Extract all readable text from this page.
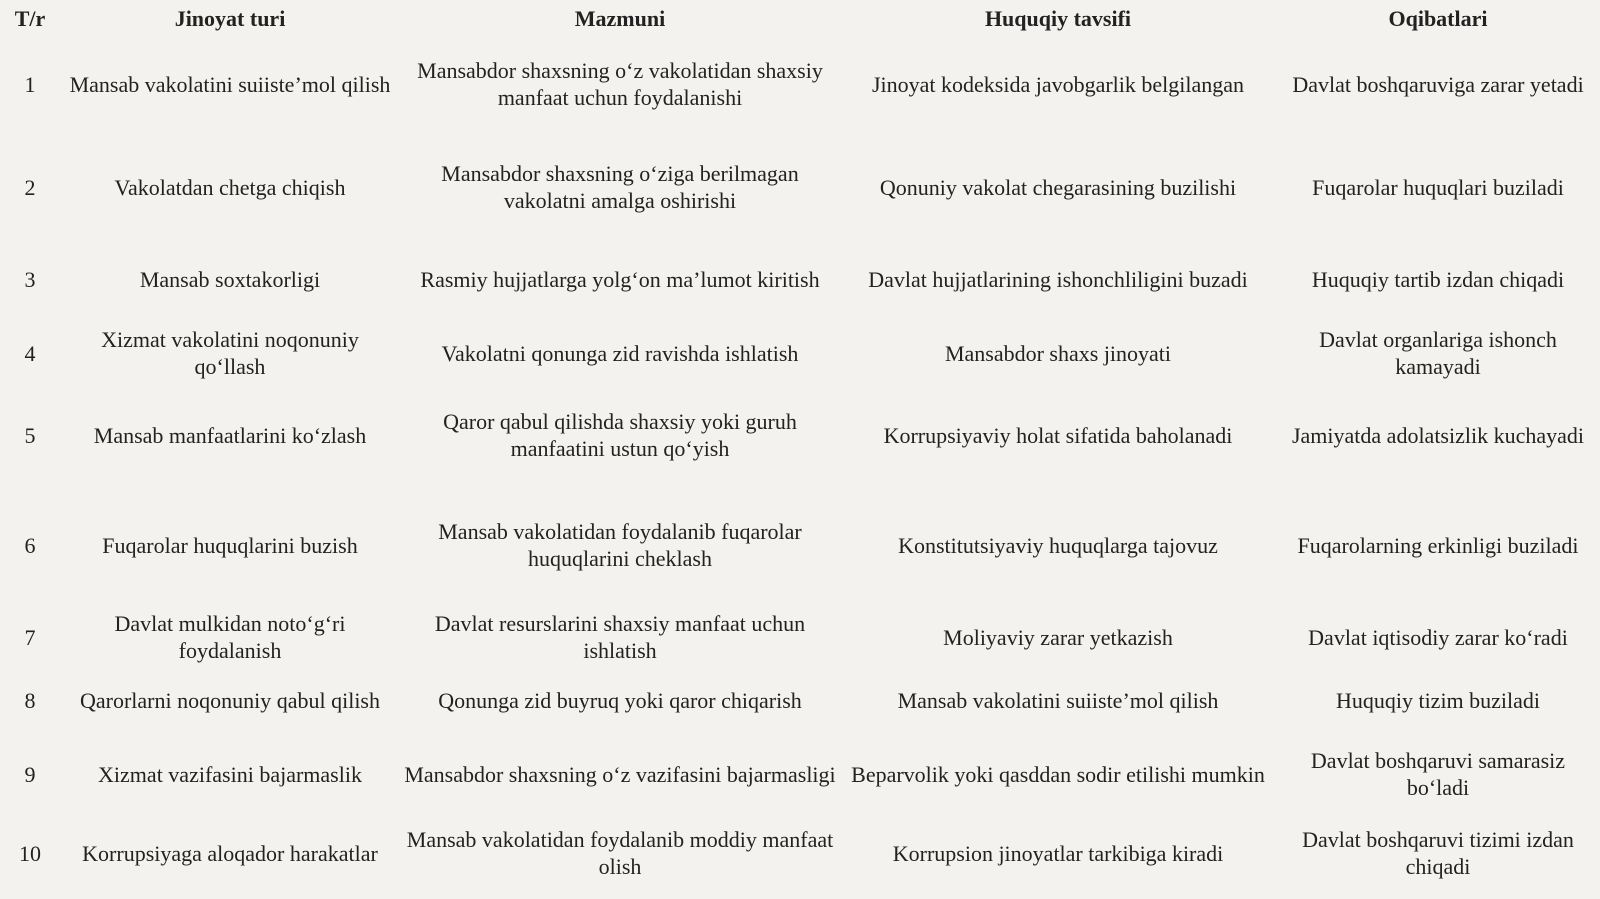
T/r	Jinoyat turi	Mazmuni	Huquqiy tavsifi	Oqibatlari
1	Mansab vakolatini suiiste’mol qilish	Mansabdor shaxsning o‘z vakolatidan shaxsiy manfaat uchun foydalanishi	Jinoyat kodeksida javobgarlik belgilangan	Davlat boshqaruviga zarar yetadi
2	Vakolatdan chetga chiqish	Mansabdor shaxsning o‘ziga berilmagan vakolatni amalga oshirishi	Qonuniy vakolat chegarasining buzilishi	Fuqarolar huquqlari buziladi
3	Mansab soxtakorligi	Rasmiy hujjatlarga yolg‘on ma’lumot kiritish	Davlat hujjatlarining ishonchliligini buzadi	Huquqiy tartib izdan chiqadi
4	Xizmat vakolatini noqonuniy qo‘llash	Vakolatni qonunga zid ravishda ishlatish	Mansabdor shaxs jinoyati	Davlat organlariga ishonch kamayadi
5	Mansab manfaatlarini ko‘zlash	Qaror qabul qilishda shaxsiy yoki guruh manfaatini ustun qo‘yish	Korrupsiyaviy holat sifatida baholanadi	Jamiyatda adolatsizlik kuchayadi
6	Fuqarolar huquqlarini buzish	Mansab vakolatidan foydalanib fuqarolar huquqlarini cheklash	Konstitutsiyaviy huquqlarga tajovuz	Fuqarolarning erkinligi buziladi
7	Davlat mulkidan noto‘g‘ri foydalanish	Davlat resurslarini shaxsiy manfaat uchun ishlatish	Moliyaviy zarar yetkazish	Davlat iqtisodiy zarar ko‘radi
8	Qarorlarni noqonuniy qabul qilish	Qonunga zid buyruq yoki qaror chiqarish	Mansab vakolatini suiiste’mol qilish	Huquqiy tizim buziladi
9	Xizmat vazifasini bajarmaslik	Mansabdor shaxsning o‘z vazifasini bajarmasligi	Beparvolik yoki qasddan sodir etilishi mumkin	Davlat boshqaruvi samarasiz bo‘ladi
10	Korrupsiyaga aloqador harakatlar	Mansab vakolatidan foydalanib moddiy manfaat olish	Korrupsion jinoyatlar tarkibiga kiradi	Davlat boshqaruvi tizimi izdan chiqadi
